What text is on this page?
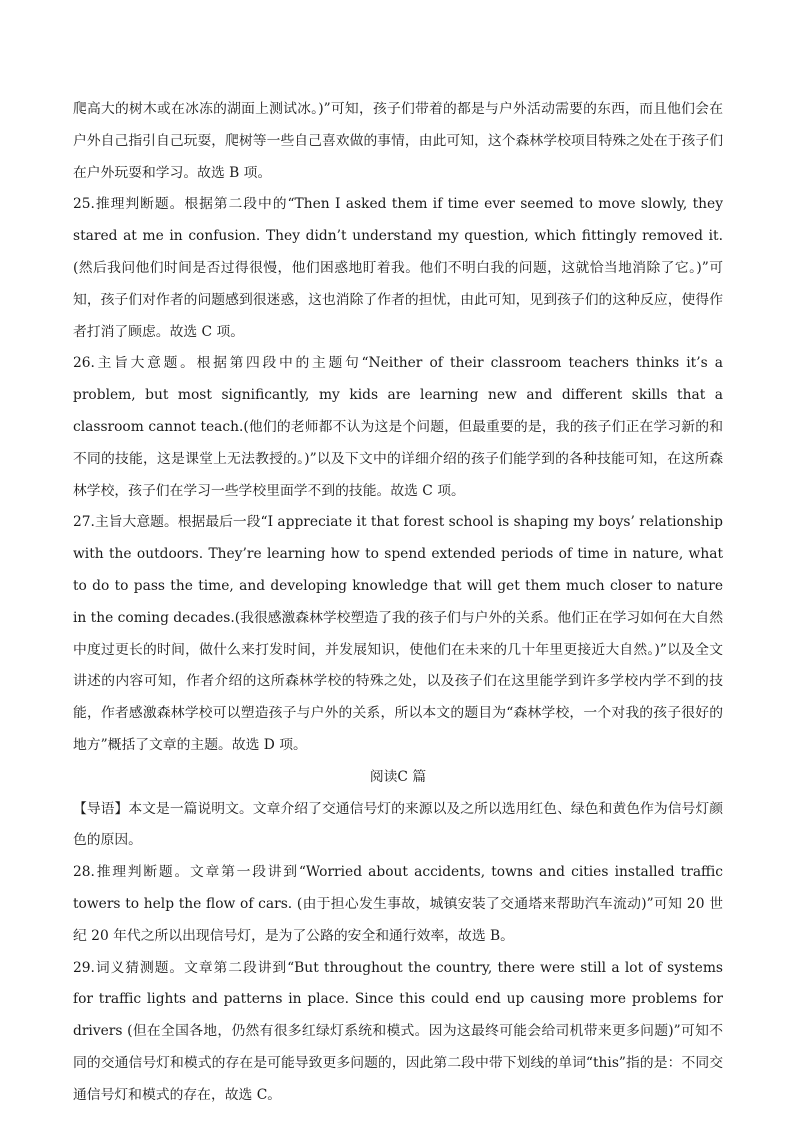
爬高大的树木或在冰冻的湖面上测试冰。)”可知，孩子们带着的都是与户外活动需要的东西，而且他们会在户外自己指引自己玩耍，爬树等一些自己喜欢做的事情，由此可知，这个森林学校项目特殊之处在于孩子们在户外玩耍和学习。故选 B 项。

25.推理判断题。根据第二段中的“Then I asked them if time ever seemed to move slowly, they stared at me in confusion. They didn’t understand my question, which fittingly removed it.(然后我问他们时间是否过得很慢，他们困惑地盯着我。他们不明白我的问题，这就恰当地消除了它。)”可知，孩子们对作者的问题感到很迷惑，这也消除了作者的担忧，由此可知，见到孩子们的这种反应，使得作者打消了顾虑。故选 C 项。

26.主旨大意题。根据第四段中的主题句“Neither of their classroom teachers thinks it’s a problem, but most significantly, my kids are learning new and different skills that a classroom cannot teach.(他们的老师都不认为这是个问题，但最重要的是，我的孩子们正在学习新的和不同的技能，这是课堂上无法教授的。)”以及下文中的详细介绍的孩子们能学到的各种技能可知，在这所森林学校，孩子们在学习一些学校里面学不到的技能。故选 C 项。

27.主旨大意题。根据最后一段“I appreciate it that forest school is shaping my boys’ relationship with the outdoors. They’re learning how to spend extended periods of time in nature, what to do to pass the time, and developing knowledge that will get them much closer to nature in the coming decades.(我很感激森林学校塑造了我的孩子们与户外的关系。他们正在学习如何在大自然中度过更长的时间，做什么来打发时间，并发展知识，使他们在未来的几十年里更接近大自然。)”以及全文讲述的内容可知，作者介绍的这所森林学校的特殊之处，以及孩子们在这里能学到许多学校内学不到的技能，作者感激森林学校可以塑造孩子与户外的关系，所以本文的题目为“森林学校，一个对我的孩子很好的地方”概括了文章的主题。故选 D 项。

阅读C 篇

【导语】本文是一篇说明文。文章介绍了交通信号灯的来源以及之所以选用红色、绿色和黄色作为信号灯颜色的原因。

28.推理判断题。文章第一段讲到“Worried about accidents, towns and cities installed traffic towers to help the flow of cars. (由于担心发生事故，城镇安装了交通塔来帮助汽车流动)”可知 20 世纪 20 年代之所以出现信号灯，是为了公路的安全和通行效率，故选 B。

29.词义猜测题。文章第二段讲到“But throughout the country, there were still a lot of systems for traffic lights and patterns in place. Since this could end up causing more problems for drivers (但在全国各地，仍然有很多红绿灯系统和模式。因为这最终可能会给司机带来更多问题)”可知不同的交通信号灯和模式的存在是可能导致更多问题的，因此第二段中带下划线的单词“this”指的是：不同交通信号灯和模式的存在，故选 C。
